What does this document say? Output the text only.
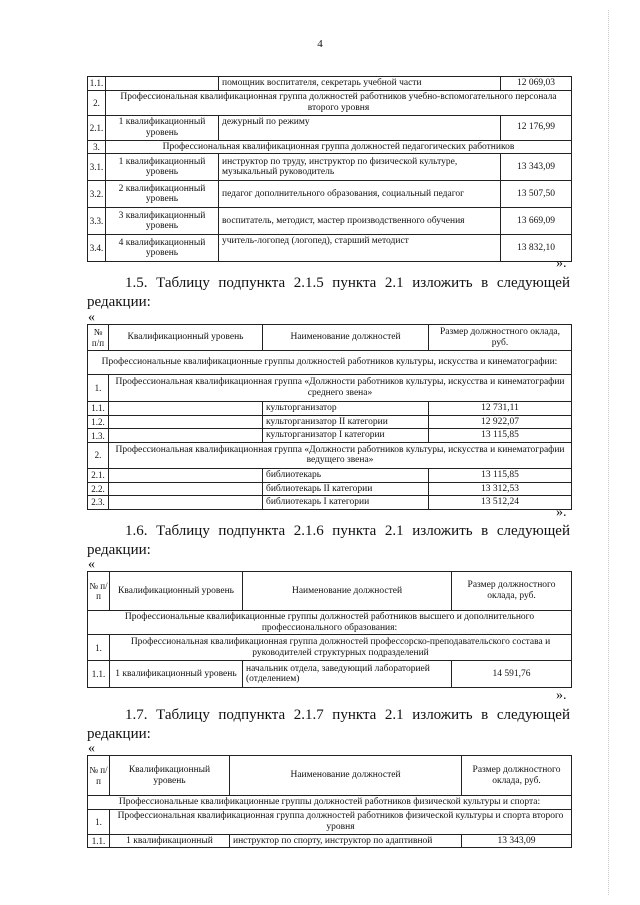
4
1.1.		помощник воспитателя, секретарь учебной части	12 069,03
2.	Профессиональная квалификационная группа должностей работников учебно-вспомогательного персонала второго уровня		
2.1.	1 квалификационный уровень	дежурный по режиму	12 176,99
3.	Профессиональная квалификационная группа должностей педагогических работников		
3.1.	1 квалификационный уровень	инструктор по труду, инструктор по физической культуре, музыкальный руководитель	13 343,09
3.2.	2 квалификационный уровень	педагог дополнительного образования, социальный педагог	13 507,50
3.3.	3 квалификационный уровень	воспитатель, методист, мастер производственного обучения	13 669,09
3.4.	4 квалификационный уровень	учитель-логопед (логопед), старший методист	13 832,10
».
1.5. Таблицу подпункта 2.1.5 пункта 2.1 изложить в следующей
редакции:
«
№ п/п	Квалификационный уровень	Наименование должностей	Размер должностного оклада, руб.
Профессиональные квалификационные группы должностей работников культуры, искусства и кинематографии:			
1.	Профессиональная квалификационная группа «Должности работников культуры, искусства и кинематографии среднего звена»		
1.1.		культорганизатор	12 731,11
1.2.		культорганизатор II категории	12 922,07
1.3.		культорганизатор I категории	13 115,85
2.	Профессиональная квалификационная группа «Должности работников культуры, искусства и кинематографии ведущего звена»		
2.1.		библиотекарь	13 115,85
2.2.		библиотекарь II категории	13 312,53
2.3.		библиотекарь I категории	13 512,24
».
1.6. Таблицу подпункта 2.1.6 пункта 2.1 изложить в следующей
редакции:
«
№ п/п	Квалификационный уровень	Наименование должностей	Размер должностного оклада, руб.
Профессиональные квалификационные группы должностей работников высшего и дополнительного профессионального образования:			
1.	Профессиональная квалификационная группа должностей профессорско-преподавательского состава и руководителей структурных подразделений		
1.1.	1 квалификационный уровень	начальник отдела, заведующий лабораторией (отделением)	14 591,76
».
1.7. Таблицу подпункта 2.1.7 пункта 2.1 изложить в следующей
редакции:
«
№ п/п	Квалификационный уровень	Наименование должностей	Размер должностного оклада, руб.
Профессиональные квалификационные группы должностей работников физической культуры и спорта:			
1.	Профессиональная квалификационная группа должностей работников физической культуры и спорта второго уровня		
1.1.	1 квалификационный	инструктор по спорту, инструктор по адаптивной	13 343,09
